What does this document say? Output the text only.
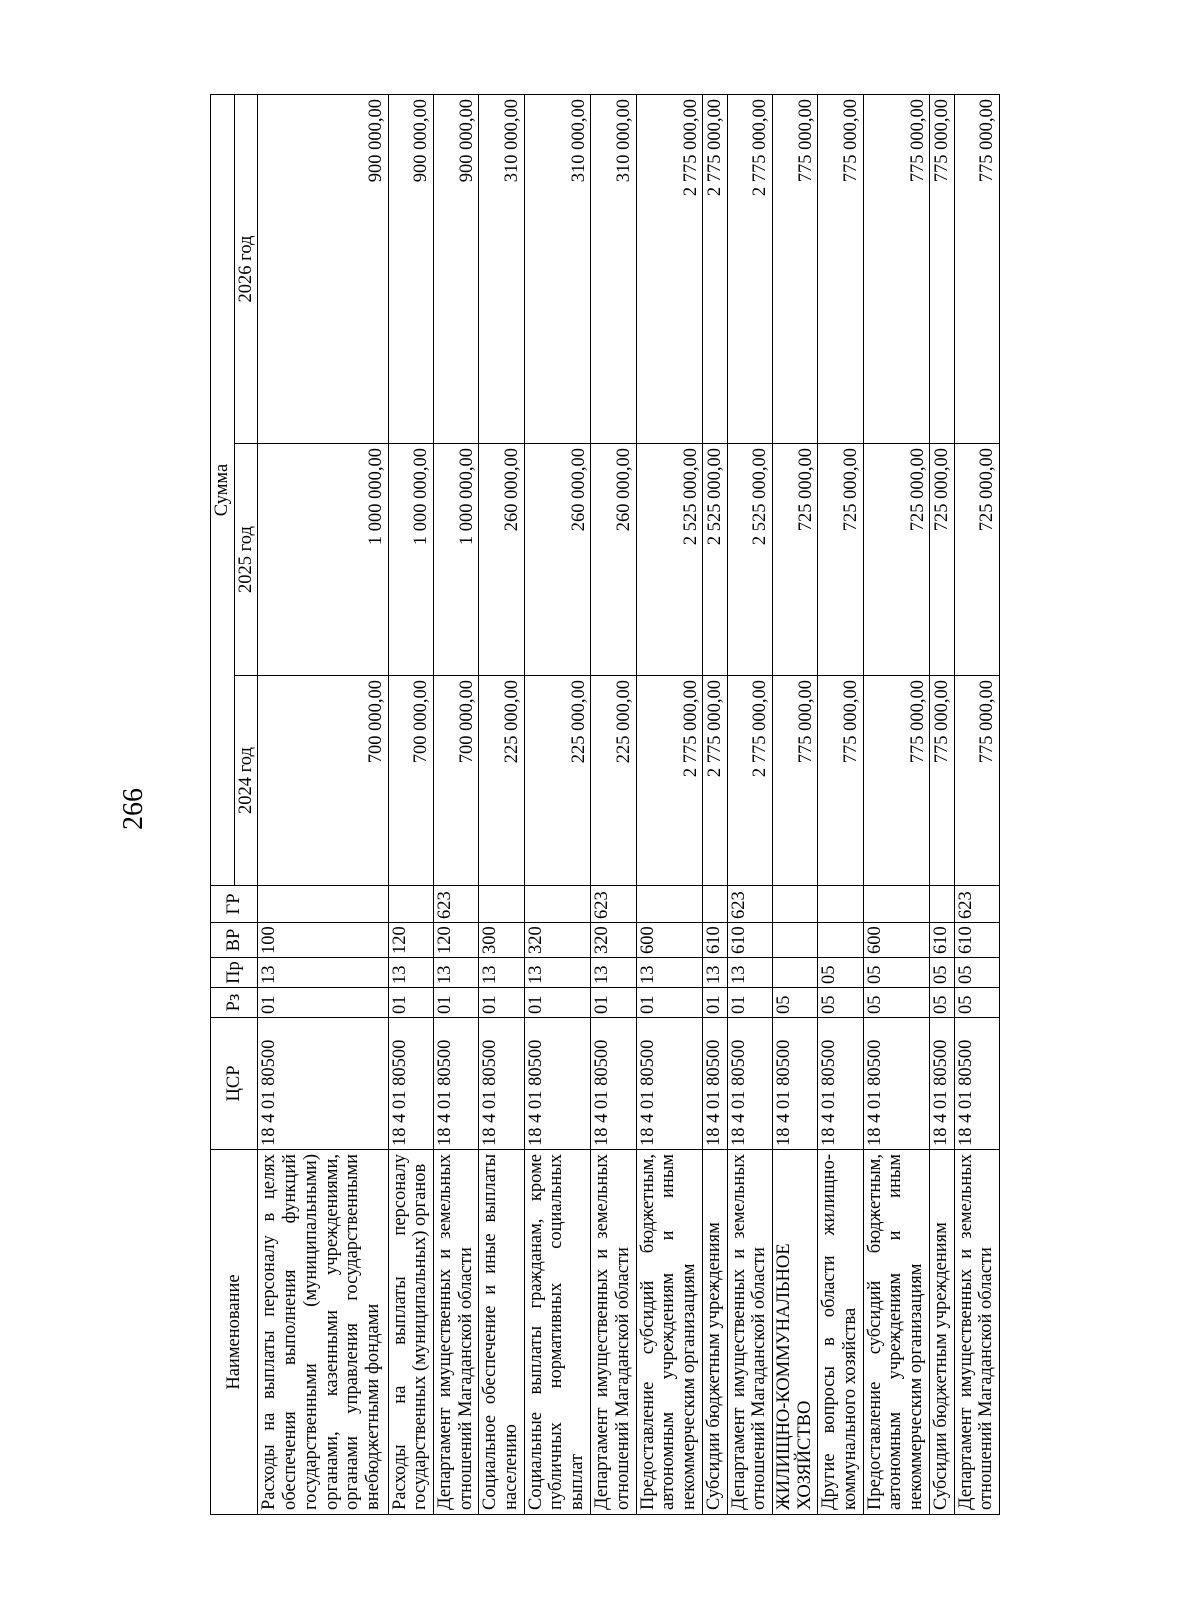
266
Наименование	ЦСР	Рз	Пр	ВР	ГР	Сумма		
						2024 год	2025 год	2026 год
Расходы на выплаты персоналу в целях обеспечения выполнения функций государственными (муниципальными) органами, казенными учреждениями, органами управления государственными внебюджетными фондами	18 4 01 80500	01	13	100		700 000,00	1 000 000,00	900 000,00
Расходы на выплаты персоналу государственных (муниципальных) органов	18 4 01 80500	01	13	120		700 000,00	1 000 000,00	900 000,00
Департамент имущественных и земельных отношений Магаданской области	18 4 01 80500	01	13	120	623	700 000,00	1 000 000,00	900 000,00
Социальное обеспечение и иные выплаты населению	18 4 01 80500	01	13	300		225 000,00	260 000,00	310 000,00
Социальные выплаты гражданам, кроме публичных нормативных социальных выплат	18 4 01 80500	01	13	320		225 000,00	260 000,00	310 000,00
Департамент имущественных и земельных отношений Магаданской области	18 4 01 80500	01	13	320	623	225 000,00	260 000,00	310 000,00
Предоставление субсидий бюджетным, автономным учреждениям и иным некоммерческим организациям	18 4 01 80500	01	13	600		2 775 000,00	2 525 000,00	2 775 000,00
Субсидии бюджетным учреждениям	18 4 01 80500	01	13	610		2 775 000,00	2 525 000,00	2 775 000,00
Департамент имущественных и земельных отношений Магаданской области	18 4 01 80500	01	13	610	623	2 775 000,00	2 525 000,00	2 775 000,00
ЖИЛИЩНО-КОММУНАЛЬНОЕ ХОЗЯЙСТВО	18 4 01 80500	05				775 000,00	725 000,00	775 000,00
Другие вопросы в области жилищно-коммунального хозяйства	18 4 01 80500	05	05			775 000,00	725 000,00	775 000,00
Предоставление субсидий бюджетным, автономным учреждениям и иным некоммерческим организациям	18 4 01 80500	05	05	600		775 000,00	725 000,00	775 000,00
Субсидии бюджетным учреждениям	18 4 01 80500	05	05	610		775 000,00	725 000,00	775 000,00
Департамент имущественных и земельных отношений Магаданской области	18 4 01 80500	05	05	610	623	775 000,00	725 000,00	775 000,00
